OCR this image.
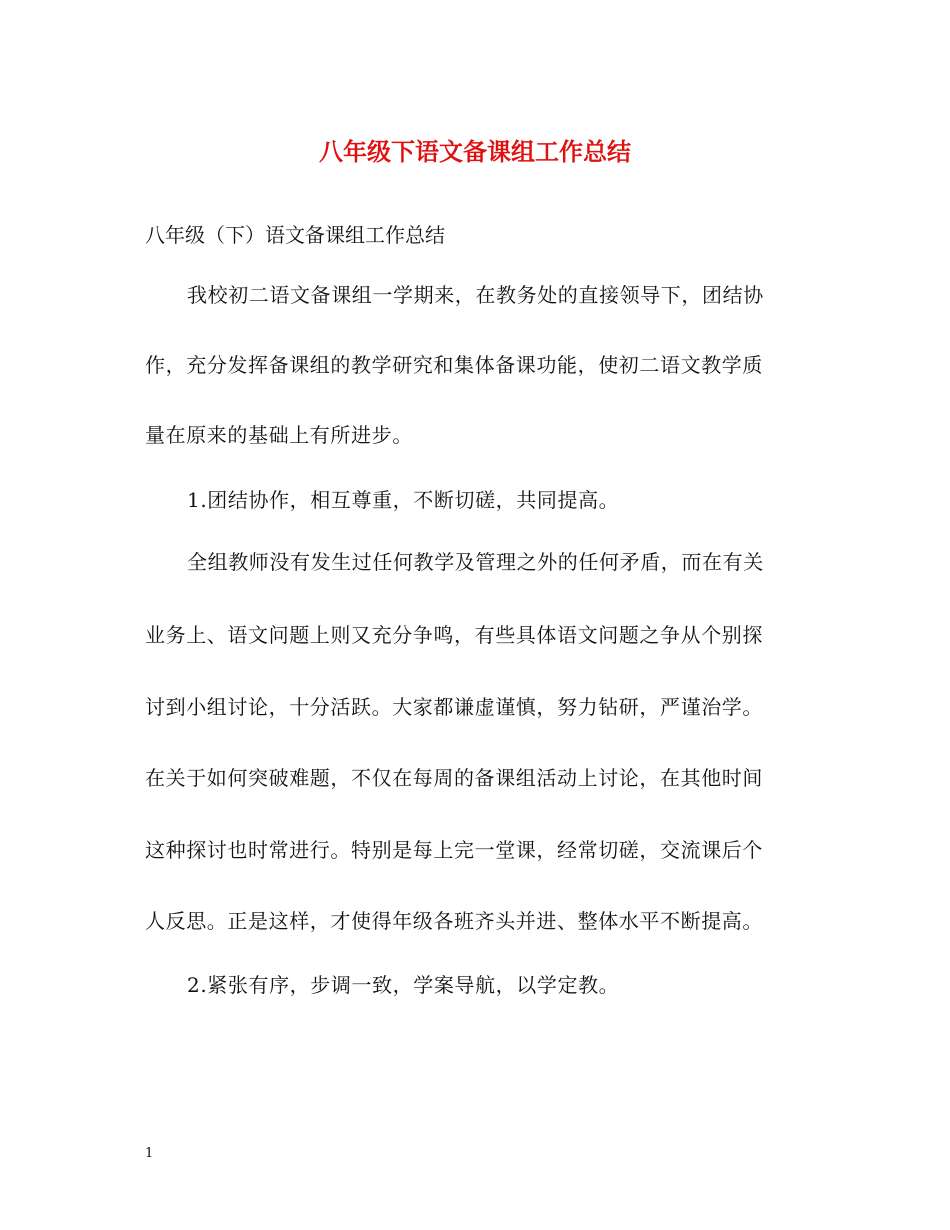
八年级下语文备课组工作总结
八年级（下）语文备课组工作总结
我校初二语文备课组一学期来，在教务处的直接领导下，团结协
作，充分发挥备课组的教学研究和集体备课功能，使初二语文教学质
量在原来的基础上有所进步。
1.团结协作，相互尊重，不断切磋，共同提高。
全组教师没有发生过任何教学及管理之外的任何矛盾，而在有关
业务上、语文问题上则又充分争鸣，有些具体语文问题之争从个别探
讨到小组讨论，十分活跃。大家都谦虚谨慎，努力钻研，严谨治学。
在关于如何突破难题，不仅在每周的备课组活动上讨论，在其他时间
这种探讨也时常进行。特别是每上完一堂课，经常切磋，交流课后个
人反思。正是这样，才使得年级各班齐头并进、整体水平不断提高。
2.紧张有序，步调一致，学案导航，以学定教。
1
